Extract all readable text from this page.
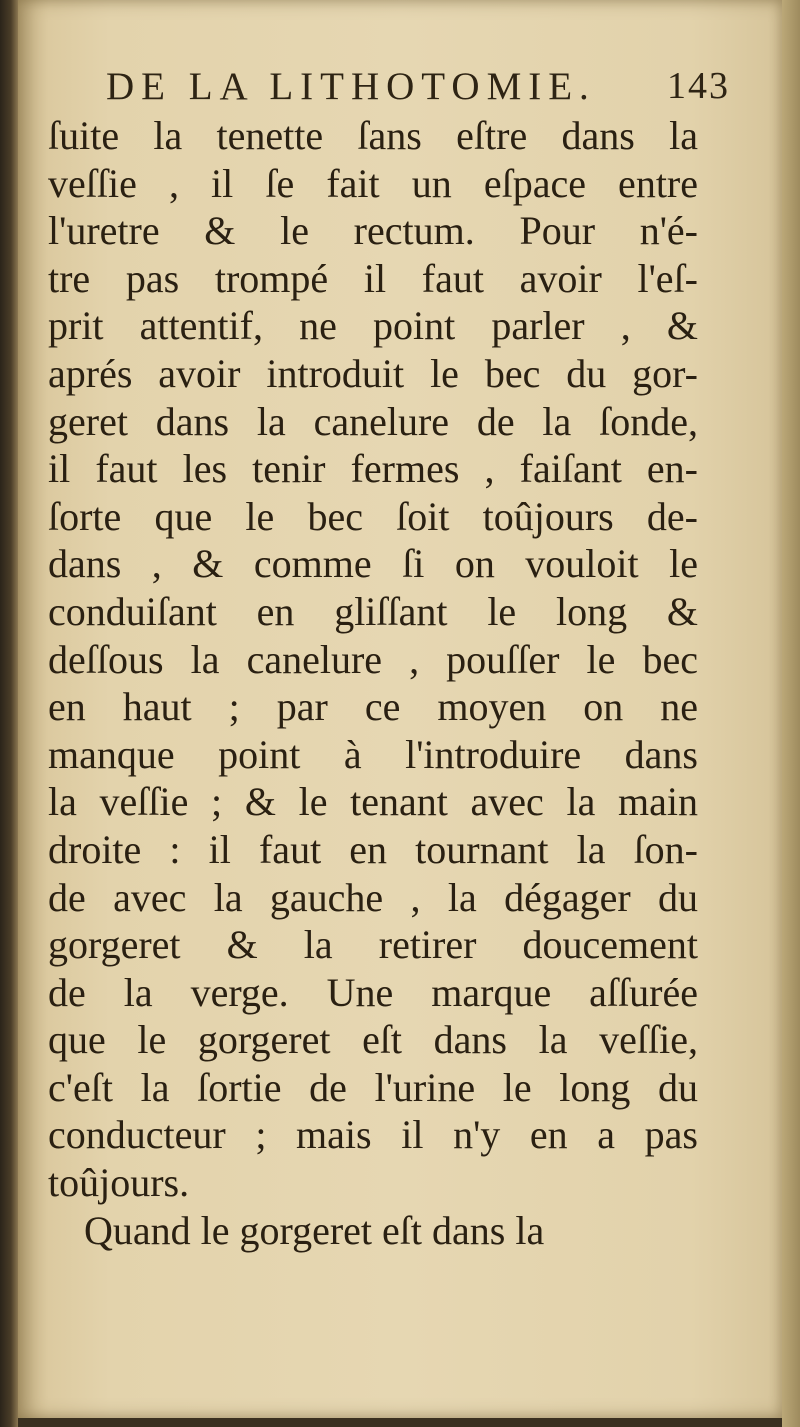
DE LA LITHOTOMIE. 143
ſuite la tenette ſans eſtre dans la
veſſie , il ſe fait un eſpace entre
l'uretre & le rectum. Pour n'é-
tre pas trompé il faut avoir l'eſ-
prit attentif, ne point parler , &
aprés avoir introduit le bec du gor-
geret dans la canelure de la ſonde,
il faut les tenir fermes , faiſant en-
ſorte que le bec ſoit toûjours de-
dans , & comme ſi on vouloit le
conduiſant en gliſſant le long &
deſſous la canelure , pouſſer le bec
en haut ; par ce moyen on ne
manque point à l'introduire dans
la veſſie ; & le tenant avec la main
droite : il faut en tournant la ſon-
de avec la gauche , la dégager du
gorgeret & la retirer doucement
de la verge. Une marque aſſurée
que le gorgeret eſt dans la veſſie,
c'eſt la ſortie de l'urine le long du
conducteur ; mais il n'y en a pas
toûjours.
Quand le gorgeret eſt dans la
